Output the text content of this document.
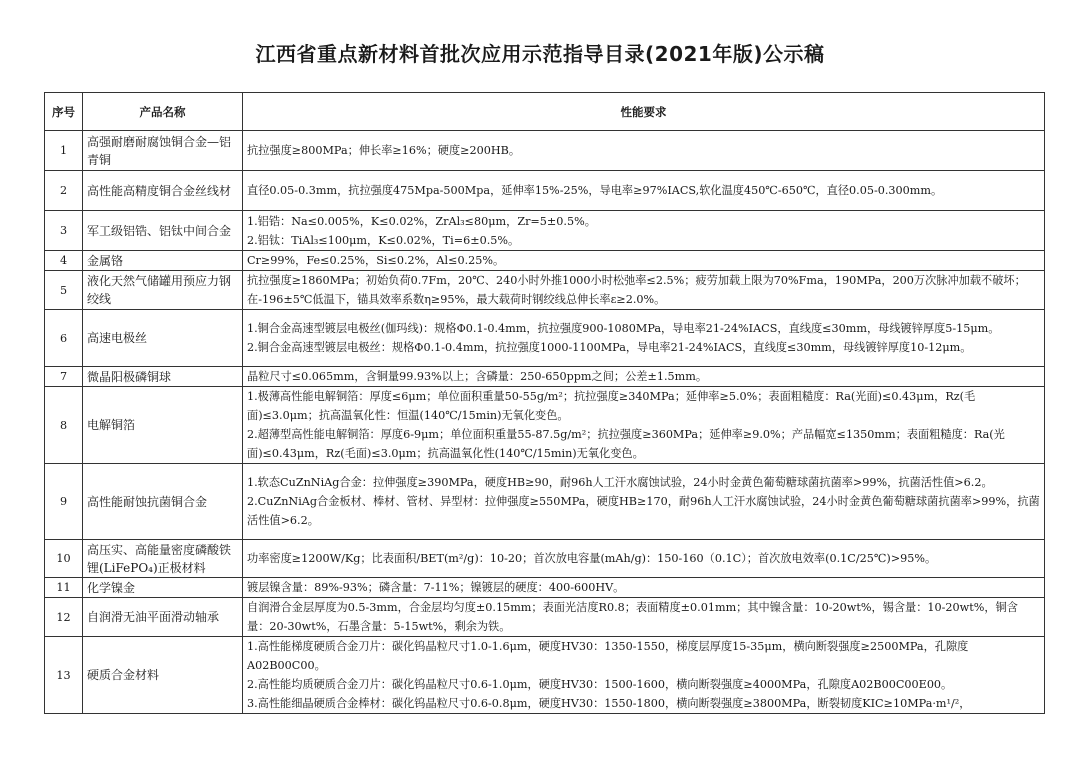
江西省重点新材料首批次应用示范指导目录(2021年版)公示稿
序号	产品名称	性能要求
1	高强耐磨耐腐蚀铜合金—铝青铜	抗拉强度≥800MPa；伸长率≥16%；硬度≥200HB。

2	高性能高精度铜合金丝线材	直径0.05-0.3mm，抗拉强度475Mpa-500Mpa，延伸率15%-25%，导电率≥97%IACS,软化温度450℃-650℃，直径0.05-0.300mm。

3	军工级铝锆、铝钛中间合金	1.铝锆：Na≤0.005%，K≤0.02%，ZrAl₃≤80μm，Zr=5±0.5%。

2.铝钛：TiAl₃≤100μm，K≤0.02%，Ti=6±0.5%。

4	金属铬	Cr≥99%，Fe≤0.25%，Si≤0.2%，Al≤0.25%。

5	液化天然气储罐用预应力钢绞线	抗拉强度≥1860MPa；初始负荷0.7Fm，20℃、240小时外推1000小时松弛率≤2.5%；疲劳加载上限为70%Fma，190MPa，200万次脉冲加载不破坏；在-196±5℃低温下，锚具效率系数η≥95%，最大载荷时钢绞线总伸长率ε≥2.0%。

6	高速电极丝	1.铜合金高速型镀层电极丝(伽玛线)：规格Φ0.1-0.4mm，抗拉强度900-1080MPa，导电率21-24%IACS，直线度≤30mm，母线镀锌厚度5-15μm。

2.铜合金高速型镀层电极丝：规格Φ0.1-0.4mm，抗拉强度1000-1100MPa，导电率21-24%IACS，直线度≤30mm，母线镀锌厚度10-12μm。

7	微晶阳极磷铜球	晶粒尺寸≤0.065mm，含铜量99.93%以上；含磷量：250-650ppm之间；公差±1.5mm。

8	电解铜箔	1.极薄高性能电解铜箔：厚度≤6μm；单位面积重量50-55g/m²；抗拉强度≥340MPa；延伸率≥5.0%；表面粗糙度：Ra(光面)≤0.43μm，Rz(毛面)≤3.0μm；抗高温氧化性：恒温(140℃/15min)无氧化变色。

2.超薄型高性能电解铜箔：厚度6-9μm；单位面积重量55-87.5g/m²；抗拉强度≥360MPa；延伸率≥9.0%；产品幅宽≤1350mm；表面粗糙度：Ra(光面)≤0.43μm，Rz(毛面)≤3.0μm；抗高温氧化性(140℃/15min)无氧化变色。

9	高性能耐蚀抗菌铜合金	1.软态CuZnNiAg合金：拉伸强度≥390MPa，硬度HB≥90，耐96h人工汗水腐蚀试验，24小时金黄色葡萄糖球菌抗菌率>99%，抗菌活性值>6.2。

2.CuZnNiAg合金板材、棒材、管材、异型材：拉伸强度≥550MPa，硬度HB≥170，耐96h人工汗水腐蚀试验，24小时金黄色葡萄糖球菌抗菌率>99%，抗菌活性值>6.2。

10	高压实、高能量密度磷酸铁锂(LiFePO₄)正极材料	功率密度≥1200W/Kg；比表面积/BET(m²/g)：10-20；首次放电容量(mAh/g)：150-160（0.1C）；首次放电效率(0.1C/25℃)>95%。

11	化学镍金	镀层镍含量：89%-93%；磷含量：7-11%；镍镀层的硬度：400-600HV。

12	自润滑无油平面滑动轴承	自润滑合金层厚度为0.5-3mm，合金层均匀度±0.15mm；表面光洁度R0.8；表面精度±0.01mm；其中镍含量：10-20wt%，锡含量：10-20wt%，铜含量：20-30wt%，石墨含量：5-15wt%，剩余为铁。

13	硬质合金材料	1.高性能梯度硬质合金刀片：碳化钨晶粒尺寸1.0-1.6μm，硬度HV30：1350-1550，梯度层厚度15-35μm，横向断裂强度≥2500MPa，孔隙度A02B00C00。

2.高性能均质硬质合金刀片：碳化钨晶粒尺寸0.6-1.0μm，硬度HV30：1500-1600，横向断裂强度≥4000MPa，孔隙度A02B00C00E00。

3.高性能细晶硬质合金棒材：碳化钨晶粒尺寸0.6-0.8μm，硬度HV30：1550-1800，横向断裂强度≥3800MPa，断裂韧度KIC≥10MPa·m¹/²，
